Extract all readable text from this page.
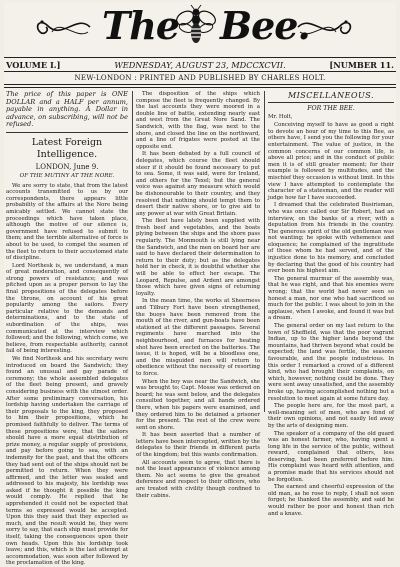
The Bee.
VOLUME I.]	WEDNESDAY, AUGUST 23, MDCCXCVII.	[NUMBER 11.
NEW-LONDON : PRINTED AND PUBLISHED BY CHARLES HOLT.

The price of this paper is ONE DOLLAR and a HALF per annum, payable in anything. A Dollar in advance, on subscribing, will not be refused.

Latest Foreign Intelligence.
LONDON, June 9.
OF THE MUTINY AT THE NORE.

We are sorry to state, that from the latest accounts transmitted to us by our correspondents, there appears little probability of the affairs at the Nore being amicably settled. We cannot state the proceedings which have taken place, although the motive of our silence is, government have refused to submit to them; and the terrible alternative of force is about to be used, to compel the seamen of the fleet to return to their accustomed state of discipline.

Lord Northesk is, we understand, a man of great moderation, and consequently of strong powers of resistance; and was pitched upon as a proper person to lay the final propositions of the delegates before the throne, on account of his great popularity among the sailors. Every particular relative to the demands and determinations, and to the state of subordination of the ships, was communicated at the interview which followed; and the following, which come, we believe, from respectable authority, cannot fail of being interesting.

We find Northesk and his secretary were introduced on board the Sandwich; they found an unusual and gay parade of ceremony; the whole assembled delegates of the fleet being present, and gravely considering business with the utmost order. After some preliminary conversation, his lordship having undertaken the carriage of their proposals to the king, they proposed to him their propositions, which he promised faithfully to deliver. The terms of these propositions were, that the sailors should have a more equal distribution of prize money, a regular supply of provisions, and pay before going to sea, with an indemnity for the past, and that the officers they had sent out of the ships should not be permitted to return. When they were affirmed, and the letter was sealed and addressed to his majesty, his lordship was asked if he thought it possible the king would comply. He replied that he apprehended it could not be expected that terms so expressed would be accepted. Upon this they said that they expected as much, and the result would be, they were sorry to say, that each ship must provide for itself, taking the consequences upon their own heads. Upon this his lordship took leave; and this, which is the last attempt at accommodation, was soon after followed by the proclamation of the king.

The disposition of the ships which compose the fleet is frequently changed. By the last accounts they were moored in a double line of battle, extending nearly east and west from the Great Nore Sand. The Sandwich, with the flag, was next to the shore, and closed the line on the northward, and a line of frigates were posted at the opposite end.

It has been debated by a full council of delegates, which course the fleet should steer if it should be found necessary to put to sea. Some, it was said, were for Ireland, and others for the Texel; but the general voice was against any measure which would be dishonourable to their country, and they resolved that nothing should tempt them to desert their native shore, or to give aid to any power at war with Great Britain.

The fleet have lately been supplied with fresh beef and vegetables, and the boats plying between the ships and the shore pass regularly. The Monmouth is still lying near the Sandwich, and the men on board her are said to have declared their determination to return to their duty; but as the delegates hold her in check, it is doubtful whether she will be able to effect her escape. The Leopard, Repulse, and Ardent are amongst those which have given signs of returning loyalty.

In the mean time, the works at Sheerness and Tilbury Fort have been strengthened, the buoys have been removed from the mouth of the river, and gun-boats have been stationed at the different passages. Several regiments have marched into the neighbourhood, and furnaces for heating shot have been erected on the batteries. The issue, it is hoped, will be a bloodless one, and the misguided men will return to obedience without the necessity of resorting to force.

When the boy was near the Sandwich, she was brought to; Capt. Mosse was ordered on board; he was sent below, and the delegates consulted together, and all hands ordered there, when his papers were examined, and they ordered him to be detained a prisoner for the present. The rest of the crew were sent on shore.

It has been asserted that a number of letters have been intercepted, written by the delegates to their friends in different parts of the kingdom; but this wants confirmation.

All accounts seem to agree, that there is not the least appearance of violence among them. No act seems to give the greatest deference and respect to their officers, who are treated with civility though confined to their cabins.

MISCELLANEOUS.
FOR THE BEE.
Mr. Holt,

Conceiving myself to have as good a right to devote an hour of my time to this Bee, as others have, I send you the following for your entertainment. The value of justice, in the common concerns of our common life, is above all price; and in the conduct of public men it is of still greater moment; for their example is followed by multitudes, and the mischief they occasion is without limit. In this view I have attempted to contemplate the character of a statesman, and the reader will judge how far I have succeeded.

I dreamed that the celebrated Busirisman, who was once called our Sir Robert, had an interview, on the banks of a river, with a deputation from his friends in the country. The generous spirit of the old gentleman was not wanting; he spoke with vehemence and eloquence; he complained of the ingratitude of those whom he had served, and of the injustice done to his memory, and concluded by declaring that the good of his country had ever been his highest aim.

The general murmur of the assembly was, that he was right, and that his enemies were wrong; that the world had never seen so honest a man, nor one who had sacrificed so much for the public. I was about to join in the applause, when I awoke, and found it was but a dream.

The general order on my last return to the town of Sheffield, was that the poor vagrant Indian, up to the higher lands beyond the mountains, had thriven beyond what could be expected; the land was fertile, the seasons favourable, and the people industrious. In this order I remarked a crowd of a different kind, who had brought their complaints, on which, however, nothing could be done. They were sent away unsatisfied, and the assembly broke up, having accomplished nothing but a resolution to meet again at some future day.

The people here are, for the most part, a well-meaning set of men, who are fond of their own opinions, and not easily led away by the arts of designing men.

The speaker of a company of the old guard was an honest farmer, who, having spent a long life in the service of the public, without reward, complained that others, less deserving, had been preferred before him. His complaint was heard with attention, and a promise made that his services should not be forgotten.

The earnest and cheerful expression of the old man, as he rose to reply, I shall not soon forget; he thanked the assembly, and said he would rather be poor and honest than rich and a knave.
